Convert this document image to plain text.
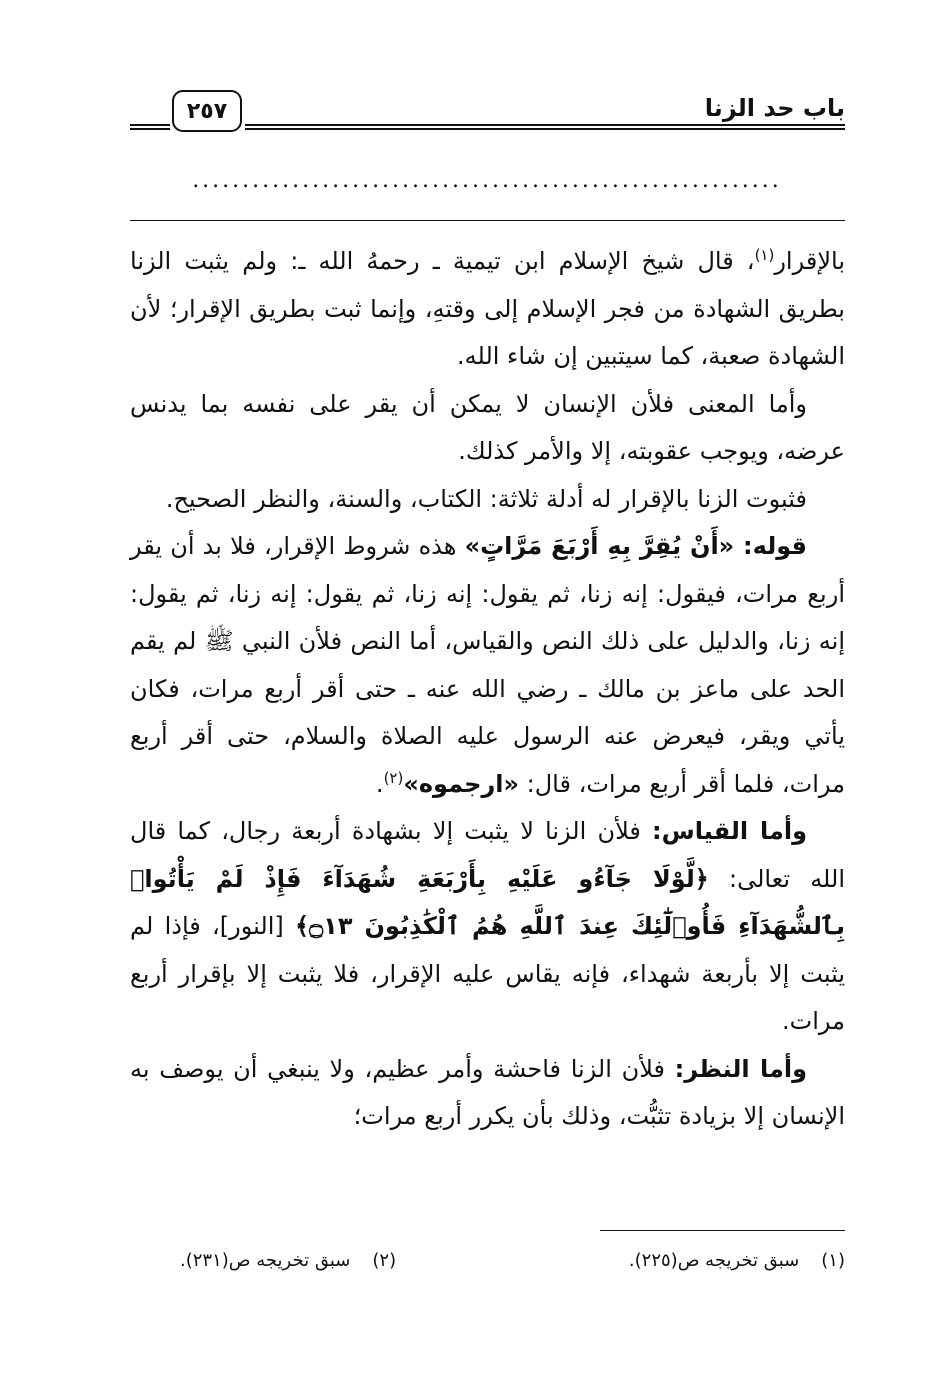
باب حد الزنا
٢٥٧
...........................................................

بالإقرار$^{(١)}$، قال شيخ الإسلام ابن تيمية ـ رحمهُ الله ـ: ولم يثبت الزنا بطريق الشهادة من فجر الإسلام إلى وقتهِ، وإنما ثبت بطريق الإقرار؛ لأن الشهادة صعبة، كما سيتبين إن شاء الله.

وأما المعنى فلأن الإنسان لا يمكن أن يقر على نفسه بما يدنس عرضه، ويوجب عقوبته، إلا والأمر كذلك.

فثبوت الزنا بالإقرار له أدلة ثلاثة: الكتاب، والسنة، والنظر الصحيح.

قوله: «أَنْ يُقِرَّ بِهِ أَرْبَعَ مَرَّاتٍ» هذه شروط الإقرار، فلا بد أن يقر أربع مرات، فيقول: إنه زنا، ثم يقول: إنه زنا، ثم يقول: إنه زنا، ثم يقول: إنه زنا، والدليل على ذلك النص والقياس، أما النص فلأن النبي ﷺ لم يقم الحد على ماعز بن مالك ـ رضي الله عنه ـ حتى أقر أربع مرات، فكان يأتي ويقر، فيعرض عنه الرسول عليه الصلاة والسلام، حتى أقر أربع مرات، فلما أقر أربع مرات، قال: «ارجموه»$^{(٢)}$.

وأما القياس: فلأن الزنا لا يثبت إلا بشهادة أربعة رجال، كما قال الله تعالى: ﴿لَّوْلَا جَآءُو عَلَيْهِ بِأَرْبَعَةِ شُهَدَآءَ فَإِذْ لَمْ يَأْتُوا۟ بِٱلشُّهَدَآءِ فَأُو۟لَٰٓئِكَ عِندَ ٱللَّهِ هُمُ ٱلْكَٰذِبُونَ ۝١٣﴾ [النور]، فإذا لم يثبت إلا بأربعة شهداء، فإنه يقاس عليه الإقرار، فلا يثبت إلا بإقرار أربع مرات.

وأما النظر: فلأن الزنا فاحشة وأمر عظيم، ولا ينبغي أن يوصف به الإنسان إلا بزيادة تثبُّت، وذلك بأن يكرر أربع مرات؛

(١)سبق تخريجه ص(٢٢٥).
(٢)سبق تخريجه ص(٢٣١).
